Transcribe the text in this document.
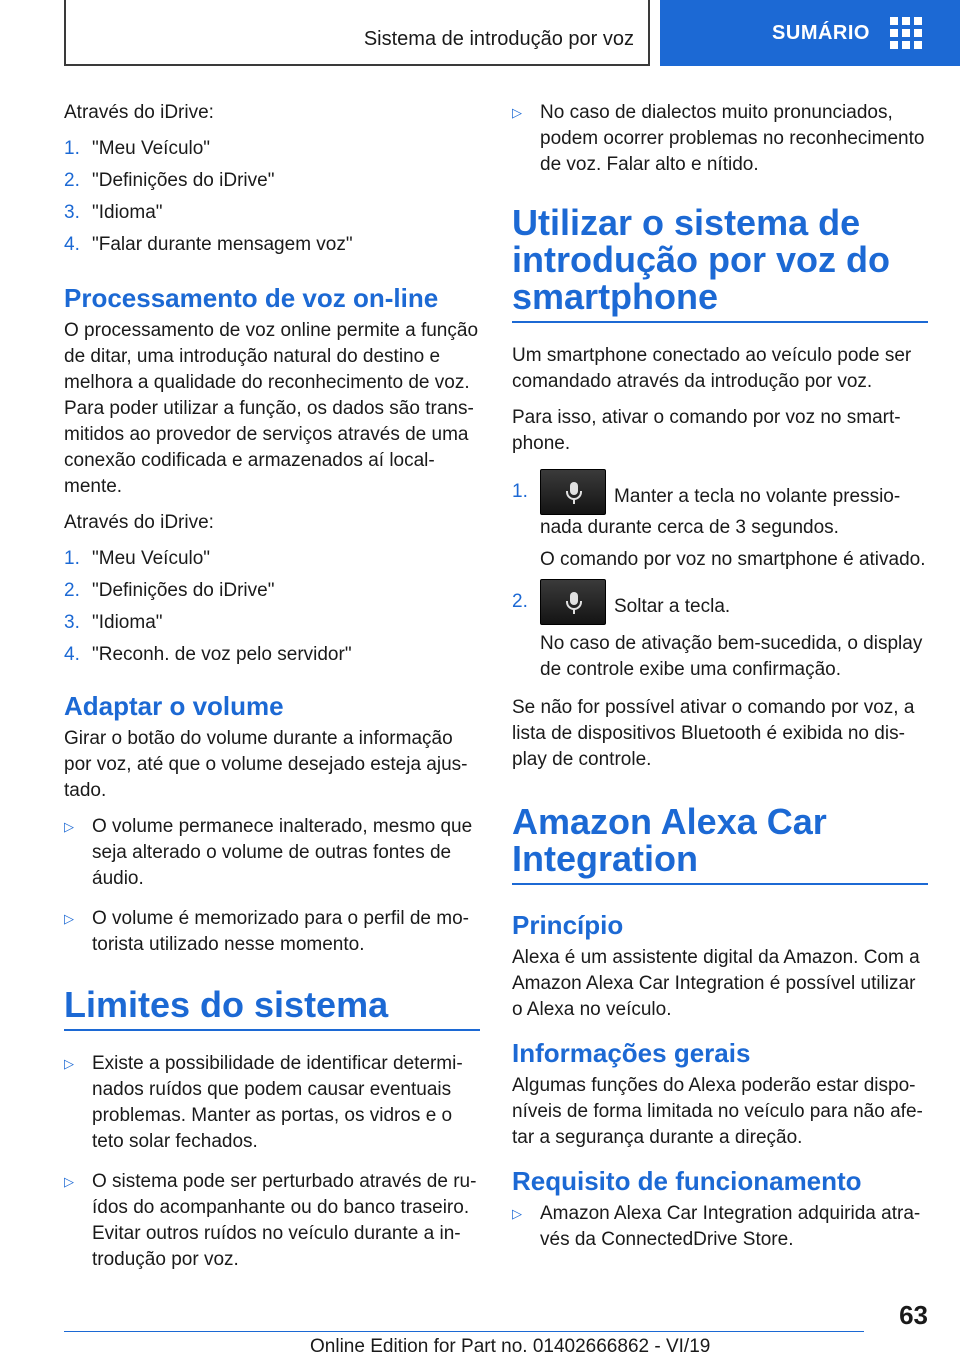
Sistema de introdução por voz	SUMÁRIO

Através do iDrive:

1. "Meu Veículo"
2. "Definições do iDrive"
3. "Idioma"
4. "Falar durante mensagem voz"
Processamento de voz on-line

O processamento de voz online permite a função de ditar, uma introdução natural do destino e melhora a qualidade do reconhecimento de voz. Para poder utilizar a função, os dados são transmitidos ao provedor de serviços através de uma conexão codificada e armazenados aí localmente.

Através do iDrive:

1. "Meu Veículo"
2. "Definições do iDrive"
3. "Idioma"
4. "Reconh. de voz pelo servidor"
Adaptar o volume

Girar o botão do volume durante a informação por voz, até que o volume desejado esteja ajustado.

▷ O volume permanece inalterado, mesmo que seja alterado o volume de outras fontes de áudio.
▷ O volume é memorizado para o perfil de motorista utilizado nesse momento.
Limites do sistema
▷ Existe a possibilidade de identificar determinados ruídos que podem causar eventuais problemas. Manter as portas, os vidros e o teto solar fechados.
▷ O sistema pode ser perturbado através de ruídos do acompanhante ou do banco traseiro. Evitar outros ruídos no veículo durante a introdução por voz.
▷ No caso de dialectos muito pronunciados, podem ocorrer problemas no reconhecimento de voz. Falar alto e nítido.
Utilizar o sistema de introdução por voz do smartphone

Um smartphone conectado ao veículo pode ser comandado através da introdução por voz.

Para isso, ativar o comando por voz no smartphone.

1.	Manter a tecla no volante pressionada durante cerca de 3 segundos.
O comando por voz no smartphone é ativado.
2.	Soltar a tecla.
No caso de ativação bem-sucedida, o display de controle exibe uma confirmação.

Se não for possível ativar o comando por voz, a lista de dispositivos Bluetooth é exibida no display de controle.

Amazon Alexa Car Integration
Princípio

Alexa é um assistente digital da Amazon. Com a Amazon Alexa Car Integration é possível utilizar o Alexa no veículo.

Informações gerais

Algumas funções do Alexa poderão estar disponíveis de forma limitada no veículo para não afetar a segurança durante a direção.

Requisito de funcionamento
▷ Amazon Alexa Car Integration adquirida através da ConnectedDrive Store.
63
Online Edition for Part no. 01402666862 - VI/19
